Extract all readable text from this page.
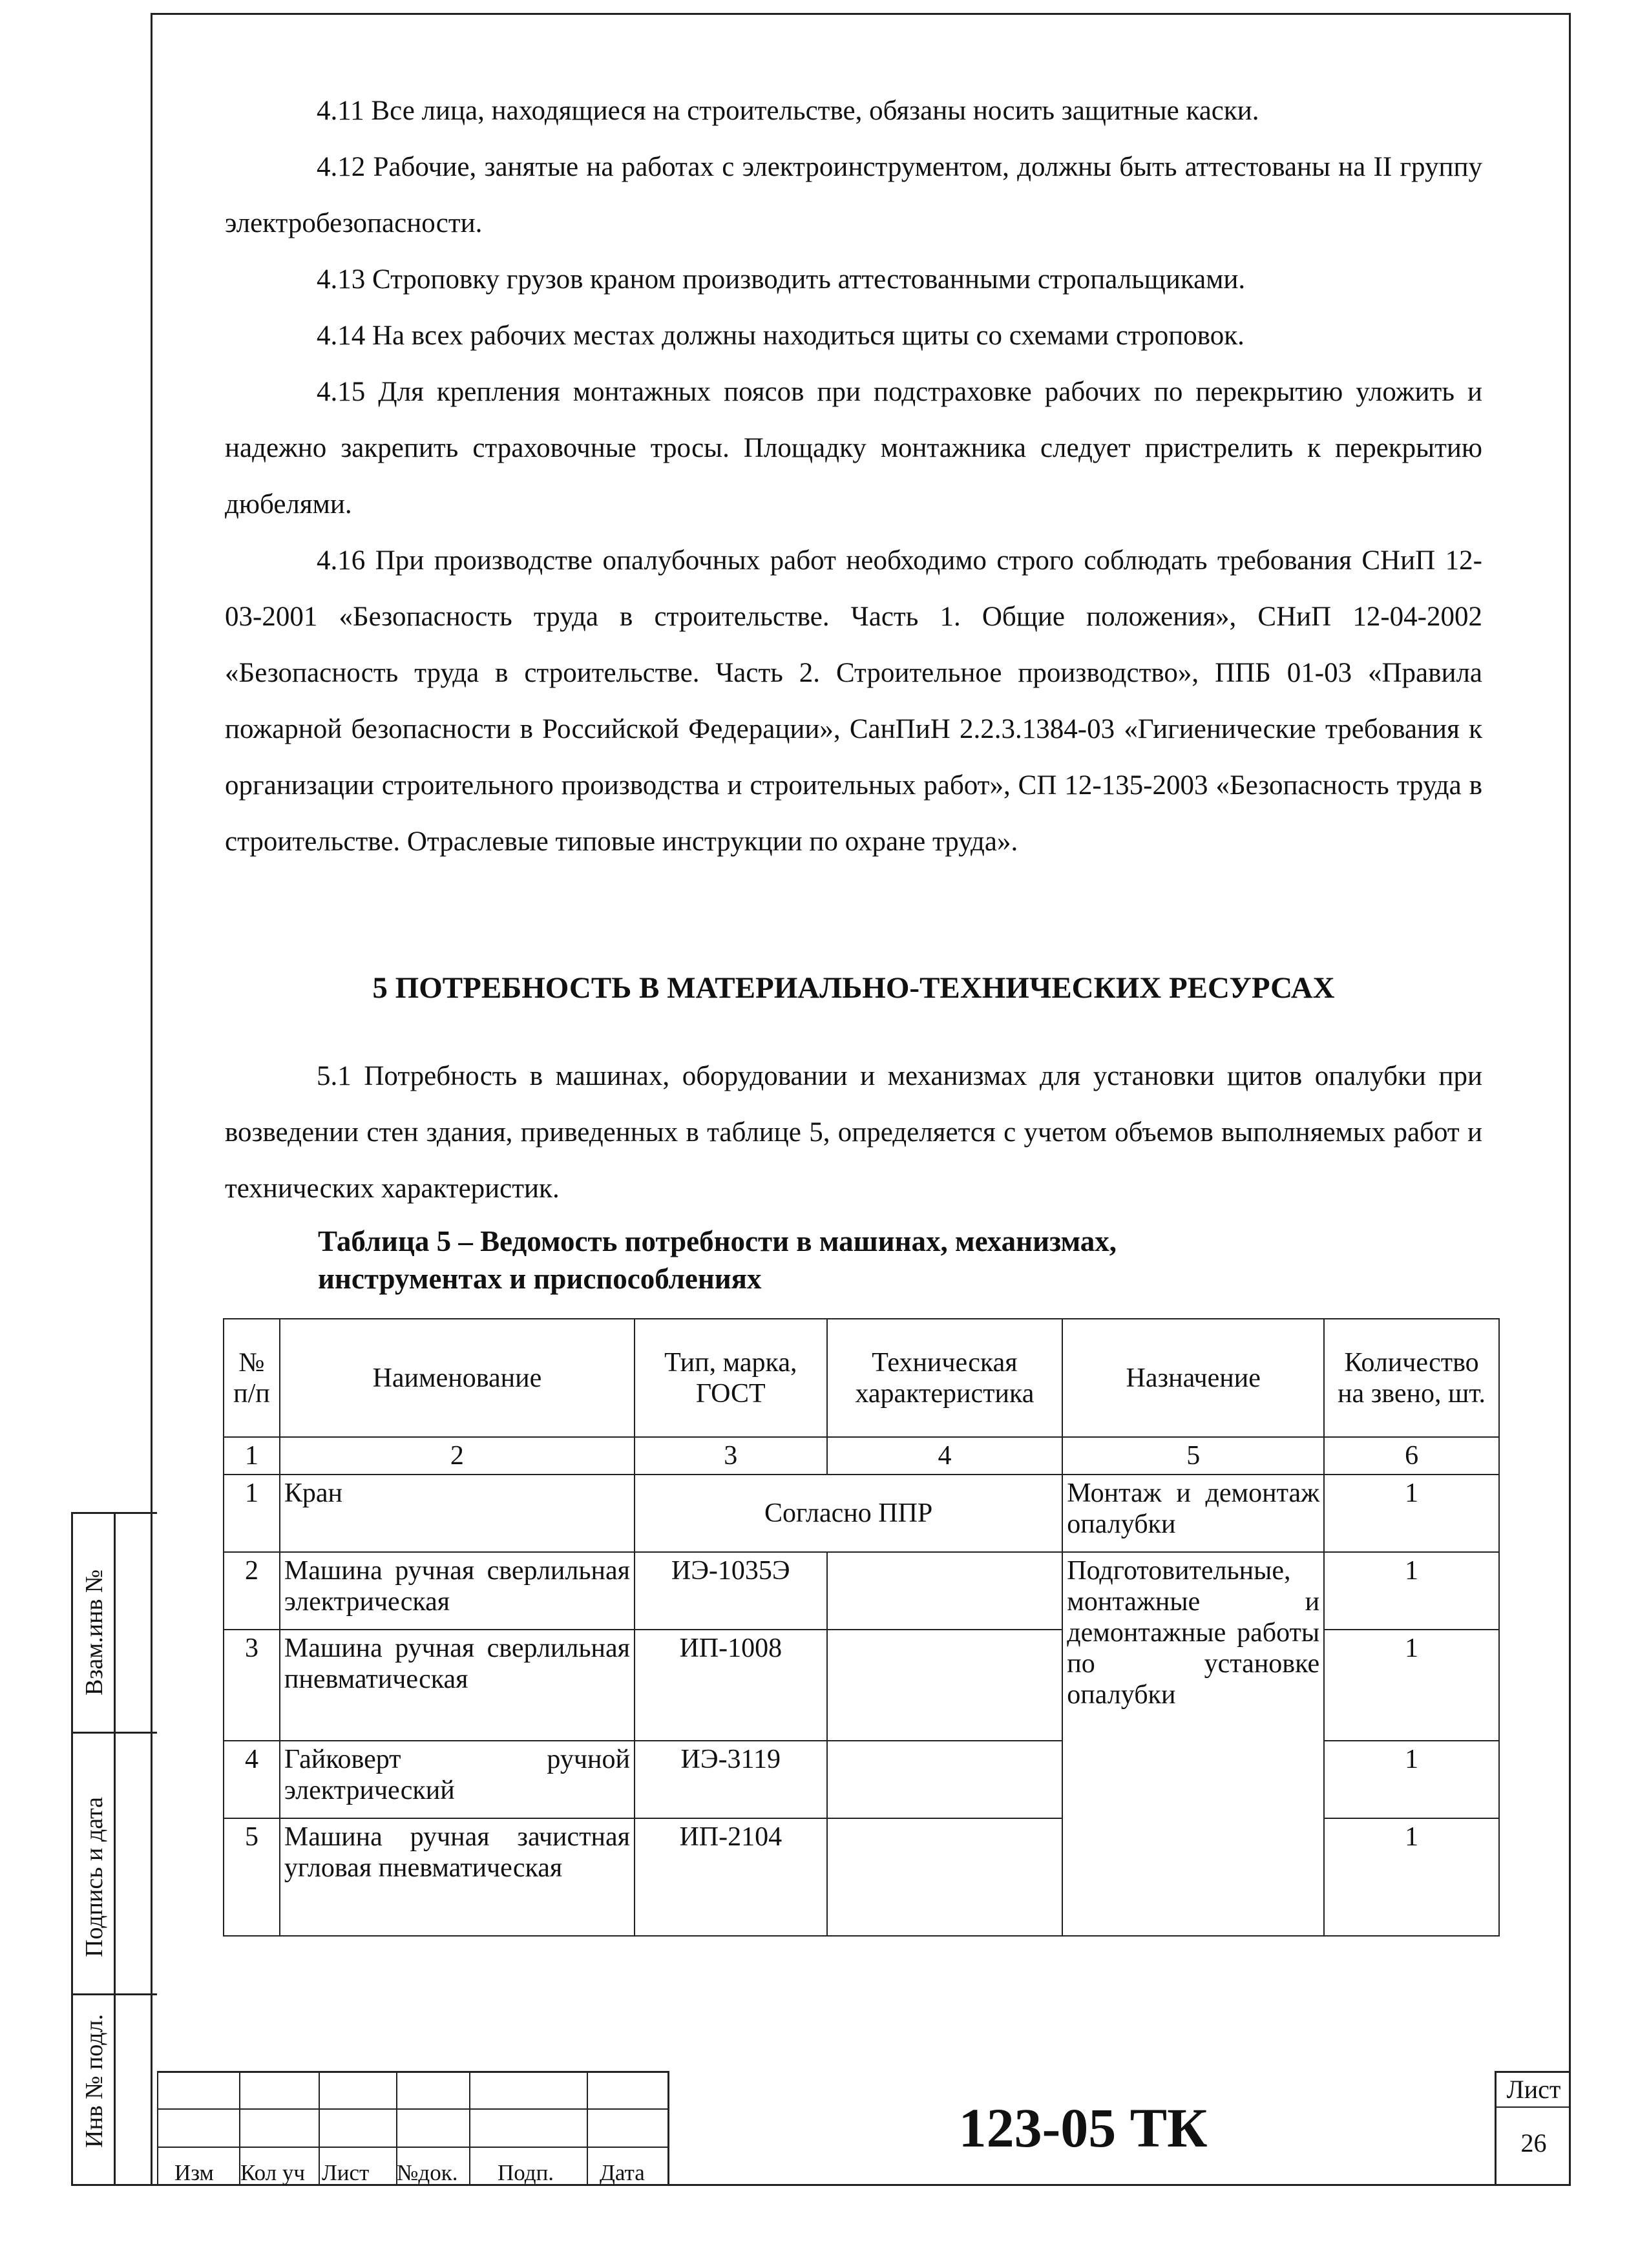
4.11 Все лица, находящиеся на строительстве, обязаны носить защитные каски.

4.12 Рабочие, занятые на работах с электроинструментом, должны быть аттестованы на II группу электробезопасности.

4.13 Строповку грузов краном производить аттестованными стропальщиками.

4.14 На всех рабочих местах должны находиться щиты со схемами строповок.

4.15 Для крепления монтажных поясов при подстраховке рабочих по перекрытию уложить и надежно закрепить страховочные тросы. Площадку монтажника следует пристрелить к перекрытию дюбелями.

4.16 При производстве опалубочных работ необходимо строго соблюдать требования СНиП 12-03-2001 «Безопасность труда в строительстве. Часть 1. Общие положения», СНиП 12-04-2002 «Безопасность труда в строительстве. Часть 2. Строительное производство», ППБ 01-03 «Правила пожарной безопасности в Российской Федерации», СанПиН 2.2.3.1384-03 «Гигиенические требования к организации строительного производства и строительных работ», СП 12-135-2003 «Безопасность труда в строительстве. Отраслевые типовые инструкции по охране труда».

5 ПОТРЕБНОСТЬ В МАТЕРИАЛЬНО-ТЕХНИЧЕСКИХ РЕСУРСАХ

5.1 Потребность в машинах, оборудовании и механизмах для установки щитов опалубки при возведении стен здания, приведенных в таблице 5, определяется с учетом объемов выполняемых работ и технических характеристик.

Таблица 5 – Ведомость потребности в машинах, механизмах,
инструментах и приспособлениях
№ п/п	Наименование	Тип, марка, ГОСТ	Техническая характеристика	Назначение	Количество на звено, шт.
1	2	3	4	5	6
1	Кран	Согласно ППР		Монтаж и демонтаж опалубки	1
2	Машина ручная сверлильная электрическая	ИЭ-1035Э		Подготовительные, монтажные и демонтажные работы по установке опалубки	1
3	Машина ручная сверлильная пневматическая	ИП-1008			1
4	Гайковерт ручной электрический	ИЭ-3119			1
5	Машина ручная зачистная угловая пневматическая	ИП-2104			1
Взам.инв №
Подпись и дата
Инв № подл.
Изм Кол уч Лист №док. Подп. Дата
123-05 ТК
Лист
26
